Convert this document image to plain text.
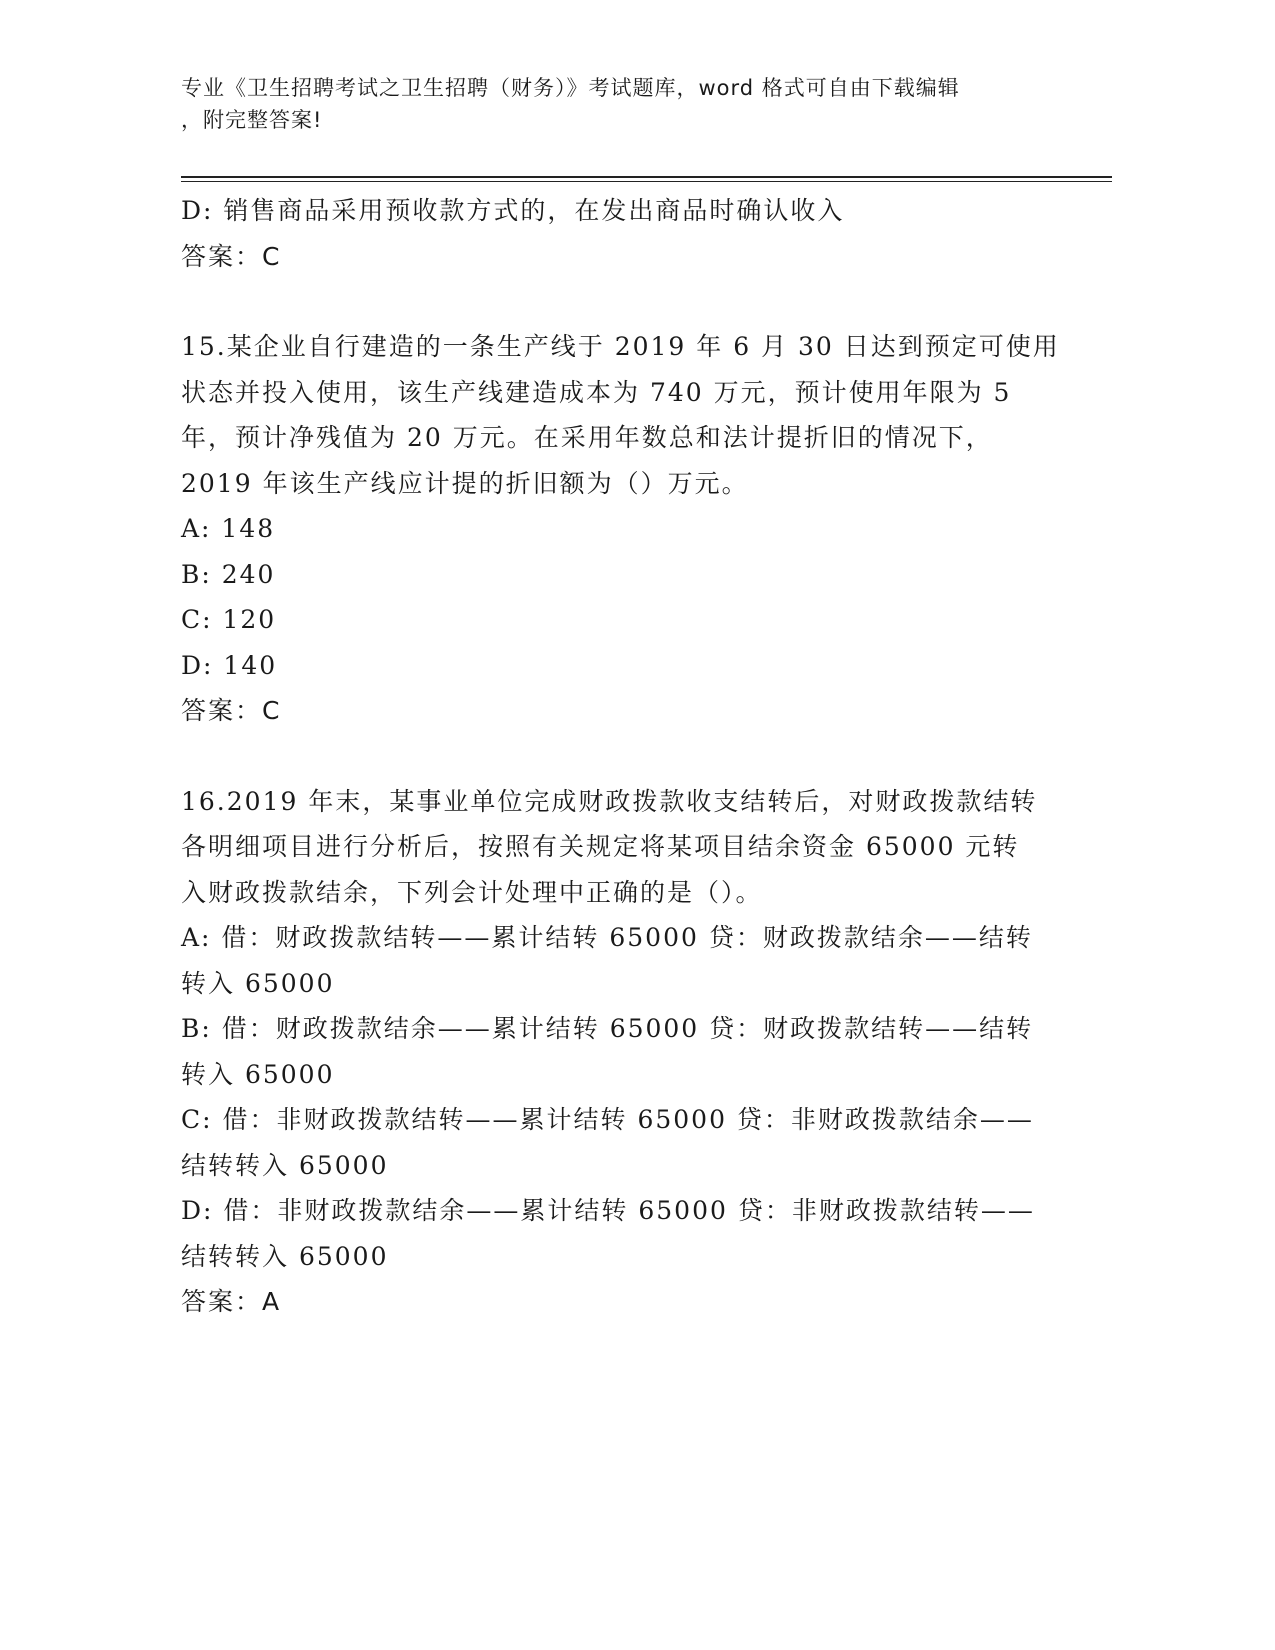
专业《卫生招聘考试之卫生招聘（财务）》考试题库，word 格式可自由下载编辑
，附完整答案!
D: 销售商品采用预收款方式的，在发出商品时确认收入
答案：C
15.某企业自行建造的一条生产线于 2019 年 6 月 30 日达到预定可使用
状态并投入使用，该生产线建造成本为 740 万元，预计使用年限为 5
年，预计净残值为 20 万元。在采用年数总和法计提折旧的情况下，
2019 年该生产线应计提的折旧额为（）万元。
A: 148
B: 240
C: 120
D: 140
答案：C
16.2019 年末，某事业单位完成财政拨款收支结转后，对财政拨款结转
各明细项目进行分析后，按照有关规定将某项目结余资金 65000 元转
入财政拨款结余，下列会计处理中正确的是（）。
A: 借：财政拨款结转——累计结转 65000 贷：财政拨款结余——结转
转入 65000
B: 借：财政拨款结余——累计结转 65000 贷：财政拨款结转——结转
转入 65000
C: 借：非财政拨款结转——累计结转 65000 贷：非财政拨款结余——
结转转入 65000
D: 借：非财政拨款结余——累计结转 65000 贷：非财政拨款结转——
结转转入 65000
答案：A
